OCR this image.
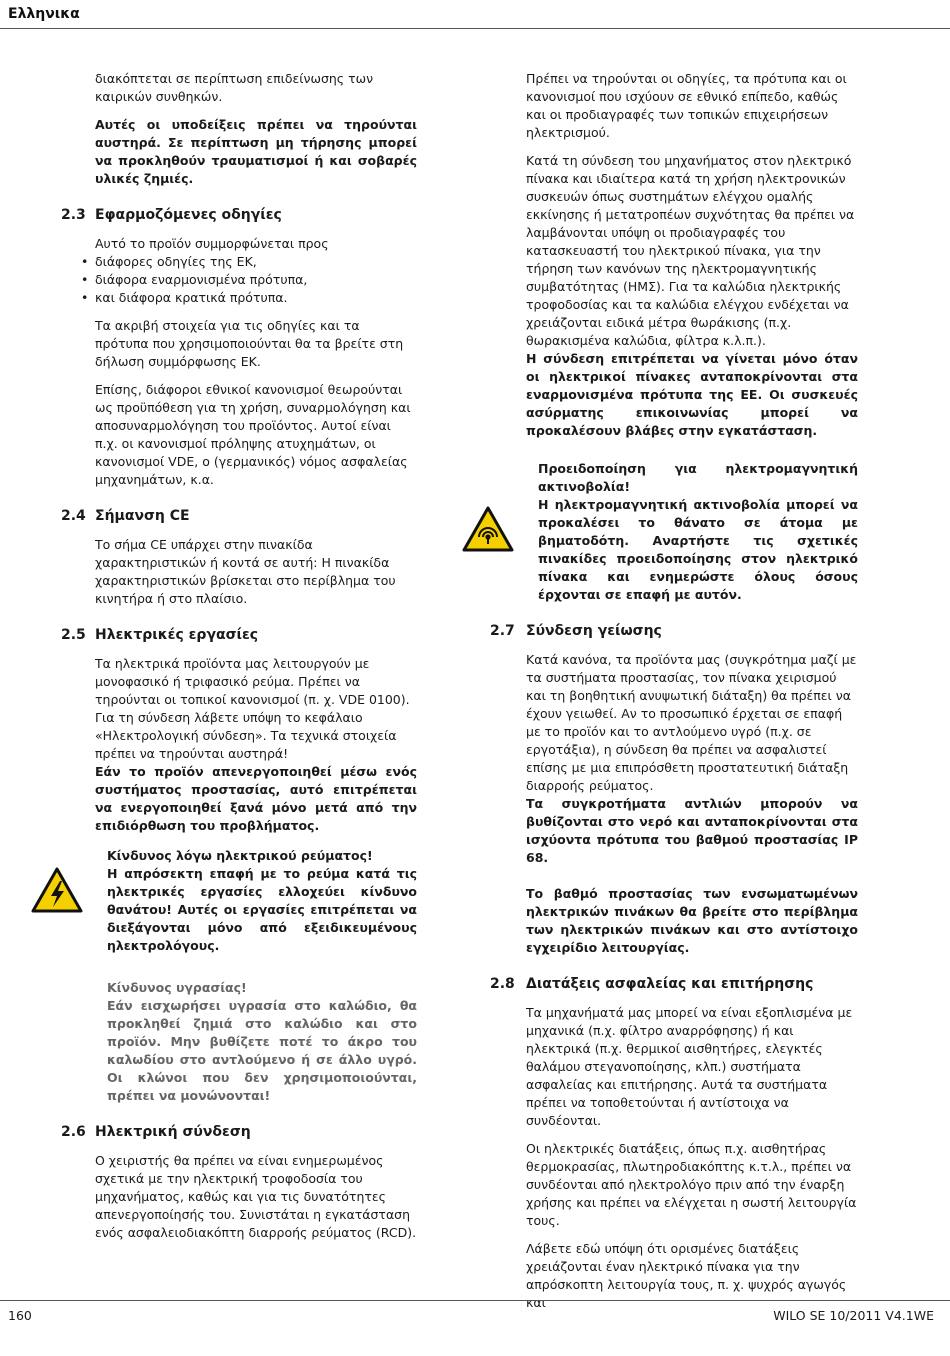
Ελληνικα

διακόπτεται σε περίπτωση επιδείνωσης των καιρικών συνθηκών.

Αυτές οι υποδείξεις πρέπει να τηρούνται αυστηρά. Σε περίπτωση μη τήρησης μπορεί να προκληθούν τραυματισμοί ή και σοβαρές υλικές ζημιές.

2.3 Εφαρμοζόμενες οδηγίες
Αυτό το προϊόν συμμορφώνεται προς
• διάφορες οδηγίες της ΕΚ,
• διάφορα εναρμονισμένα πρότυπα,
• και διάφορα κρατικά πρότυπα.

Τα ακριβή στοιχεία για τις οδηγίες και τα πρότυπα που χρησιμοποιούνται θα τα βρείτε στη δήλωση συμμόρφωσης ΕΚ.

Επίσης, διάφοροι εθνικοί κανονισμοί θεωρούνται ως προϋπόθεση για τη χρήση, συναρμολόγηση και αποσυναρμολόγηση του προϊόντος. Αυτοί είναι π.χ. οι κανονισμοί πρόληψης ατυχημάτων, οι κανονισμοί VDE, ο (γερμανικός) νόμος ασφαλείας μηχανημάτων, κ.α.

2.4 Σήμανση CE

Το σήμα CE υπάρχει στην πινακίδα χαρακτηριστικών ή κοντά σε αυτή: Η πινακίδα χαρακτηριστικών βρίσκεται στο περίβλημα του κινητήρα ή στο πλαίσιο.

2.5 Ηλεκτρικές εργασίες

Τα ηλεκτρικά προϊόντα μας λειτουργούν με μονοφασικό ή τριφασικό ρεύμα. Πρέπει να τηρούνται οι τοπικοί κανονισμοί (π. χ. VDE 0100). Για τη σύνδεση λάβετε υπόψη το κεφάλαιο «Ηλεκτρολογική σύνδεση». Τα τεχνικά στοιχεία πρέπει να τηρούνται αυστηρά!

Εάν το προϊόν απενεργοποιηθεί μέσω ενός συστήματος προστασίας, αυτό επιτρέπεται να ενεργοποιηθεί ξανά μόνο μετά από την επιδιόρθωση του προβλήματος.

Κίνδυνος λόγω ηλεκτρικού ρεύματος!
Η απρόσεκτη επαφή με το ρεύμα κατά τις ηλεκτρικές εργασίες ελλοχεύει κίνδυνο θανάτου! Αυτές οι εργασίες επιτρέπεται να διεξάγονται μόνο από εξειδικευμένους ηλεκτρολόγους.
Κίνδυνος υγρασίας!
Εάν εισχωρήσει υγρασία στο καλώδιο, θα προκληθεί ζημιά στο καλώδιο και στο προϊόν. Μην βυθίζετε ποτέ το άκρο του καλωδίου στο αντλούμενο ή σε άλλο υγρό. Οι κλώνοι που δεν χρησιμοποιούνται, πρέπει να μονώνονται!
2.6 Ηλεκτρική σύνδεση

Ο χειριστής θα πρέπει να είναι ενημερωμένος σχετικά με την ηλεκτρική τροφοδοσία του μηχανήματος, καθώς και για τις δυνατότητες απενεργοποίησής του. Συνιστάται η εγκατάσταση ενός ασφαλειοδιακόπτη διαρροής ρεύματος (RCD).

Πρέπει να τηρούνται οι οδηγίες, τα πρότυπα και οι κανονισμοί που ισχύουν σε εθνικό επίπεδο, καθώς και οι προδιαγραφές των τοπικών επιχειρήσεων ηλεκτρισμού.

Κατά τη σύνδεση του μηχανήματος στον ηλεκτρικό πίνακα και ιδιαίτερα κατά τη χρήση ηλεκτρονικών συσκευών όπως συστημάτων ελέγχου ομαλής εκκίνησης ή μετατροπέων συχνότητας θα πρέπει να λαμβάνονται υπόψη οι προδιαγραφές του κατασκευαστή του ηλεκτρικού πίνακα, για την τήρηση των κανόνων της ηλεκτρομαγνητικής συμβατότητας (ΗΜΣ). Για τα καλώδια ηλεκτρικής τροφοδοσίας και τα καλώδια ελέγχου ενδέχεται να χρειάζονται ειδικά μέτρα θωράκισης (π.χ. θωρακισμένα καλώδια, φίλτρα κ.λ.π.).

Η σύνδεση επιτρέπεται να γίνεται μόνο όταν οι ηλεκτρικοί πίνακες ανταποκρίνονται στα εναρμονισμένα πρότυπα της ΕΕ. Οι συσκευές ασύρματης επικοινωνίας μπορεί να προκαλέσουν βλάβες στην εγκατάσταση.

Προειδοποίηση για ηλεκτρομαγνητική ακτινοβολία!
Η ηλεκτρομαγνητική ακτινοβολία μπορεί να προκαλέσει το θάνατο σε άτομα με βηματοδότη. Αναρτήστε τις σχετικές πινακίδες προειδοποίησης στον ηλεκτρικό πίνακα και ενημερώστε όλους όσους έρχονται σε επαφή με αυτόν.
2.7 Σύνδεση γείωσης

Κατά κανόνα, τα προϊόντα μας (συγκρότημα μαζί με τα συστήματα προστασίας, τον πίνακα χειρισμού και τη βοηθητική ανυψωτική διάταξη) θα πρέπει να έχουν γειωθεί. Αν το προσωπικό έρχεται σε επαφή με το προϊόν και το αντλούμενο υγρό (π.χ. σε εργοτάξια), η σύνδεση θα πρέπει να ασφαλιστεί επίσης με μια επιπρόσθετη προστατευτική διάταξη διαρροής ρεύματος.

Τα συγκροτήματα αντλιών μπορούν να βυθίζονται στο νερό και ανταποκρίνονται στα ισχύοντα πρότυπα του βαθμού προστασίας IP 68.

Το βαθμό προστασίας των ενσωματωμένων ηλεκτρικών πινάκων θα βρείτε στο περίβλημα των ηλεκτρικών πινάκων και στο αντίστοιχο εγχειρίδιο λειτουργίας.

2.8 Διατάξεις ασφαλείας και επιτήρησης

Τα μηχανήματά μας μπορεί να είναι εξοπλισμένα με μηχανικά (π.χ. φίλτρο αναρρόφησης) ή και ηλεκτρικά (π.χ. θερμικοί αισθητήρες, ελεγκτές θαλάμου στεγανοποίησης, κλπ.) συστήματα ασφαλείας και επιτήρησης. Αυτά τα συστήματα πρέπει να τοποθετούνται ή αντίστοιχα να συνδέονται.

Οι ηλεκτρικές διατάξεις, όπως π.χ. αισθητήρας θερμοκρασίας, πλωτηροδιακόπτης κ.τ.λ., πρέπει να συνδέονται από ηλεκτρολόγο πριν από την έναρξη χρήσης και πρέπει να ελέγχεται η σωστή λειτουργία τους.

Λάβετε εδώ υπόψη ότι ορισμένες διατάξεις χρειάζονται έναν ηλεκτρικό πίνακα για την απρόσκοπτη λειτουργία τους, π. χ. ψυχρός αγωγός και

160	WILO SE 10/2011 V4.1WE
